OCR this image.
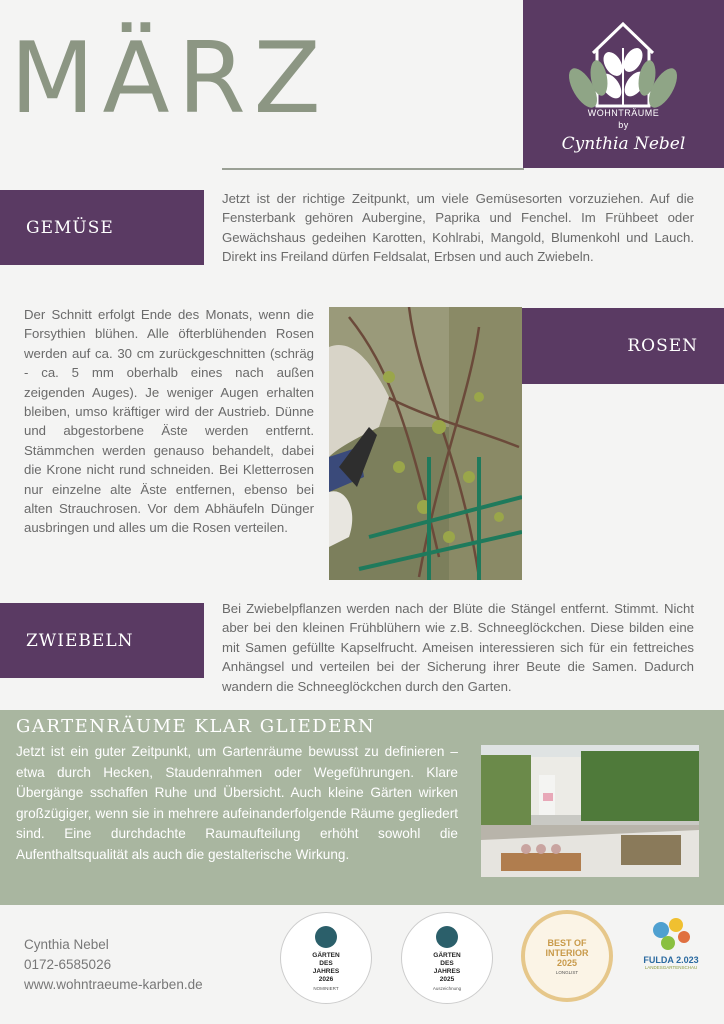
MÄRZ	WOHNTRÄUME
by
Cynthia Nebel
GEMÜSE
Jetzt ist der richtige Zeitpunkt, um viele Gemüsesorten vorzuziehen. Auf die Fensterbank gehören Aubergine, Paprika und Fenchel. Im Frühbeet oder Gewächshaus gedeihen Karotten, Kohlrabi, Mangold, Blumenkohl und Lauch. Direkt ins Freiland dürfen Feldsalat, Erbsen und auch Zwiebeln.
Der Schnitt erfolgt Ende des Monats, wenn die Forsythien blühen. Alle öfterblühenden Rosen werden auf ca. 30 cm zurückgeschnitten (schräg - ca. 5 mm oberhalb eines nach außen zeigenden Auges). Je weniger Augen erhalten bleiben, umso kräftiger wird der Austrieb. Dünne und abgestorbene Äste werden entfernt. Stämmchen werden genauso behandelt, dabei die Krone nicht rund schneiden. Bei Kletterrosen nur einzelne alte Äste entfernen, ebenso bei alten Strauchrosen. Vor dem Abhäufeln Dünger ausbringen und alles um die Rosen verteilen.
ROSEN
ZWIEBELN
Bei Zwiebelpflanzen werden nach der Blüte die Stängel entfernt. Stimmt. Nicht aber bei den kleinen Frühblühern wie z.B. Schneeglöckchen. Diese bilden eine mit Samen gefüllte Kapselfrucht. Ameisen interessieren sich für ein fettreiches Anhängsel und verteilen bei der Sicherung ihrer Beute die Samen. Dadurch wandern die Schneeglöckchen durch den Garten.
GARTENRÄUME KLAR GLIEDERN
Jetzt ist ein guter Zeitpunkt, um Gartenräume bewusst zu definieren – etwa durch Hecken, Staudenrahmen oder Wegeführungen. Klare Übergänge sschaffen Ruhe und Übersicht. Auch kleine Gärten wirken großzügiger, wenn sie in mehrere aufeinanderfolgende Räume gegliedert sind. Eine durchdachte Raumaufteilung erhöht sowohl die Aufenthaltsqualität als auch die gestalterische Wirkung.
Cynthia Nebel
0172-6585026
www.wohntraeume-karben.de
GÄRTEN
DES
JAHRES
2026
NOMINIERT
GÄRTEN
DES
JAHRES
2025
Auszeichnung
BEST OF
INTERIOR
2025
LONGLIST
FULDA 2.023
LANDESGARTENSCHAU
